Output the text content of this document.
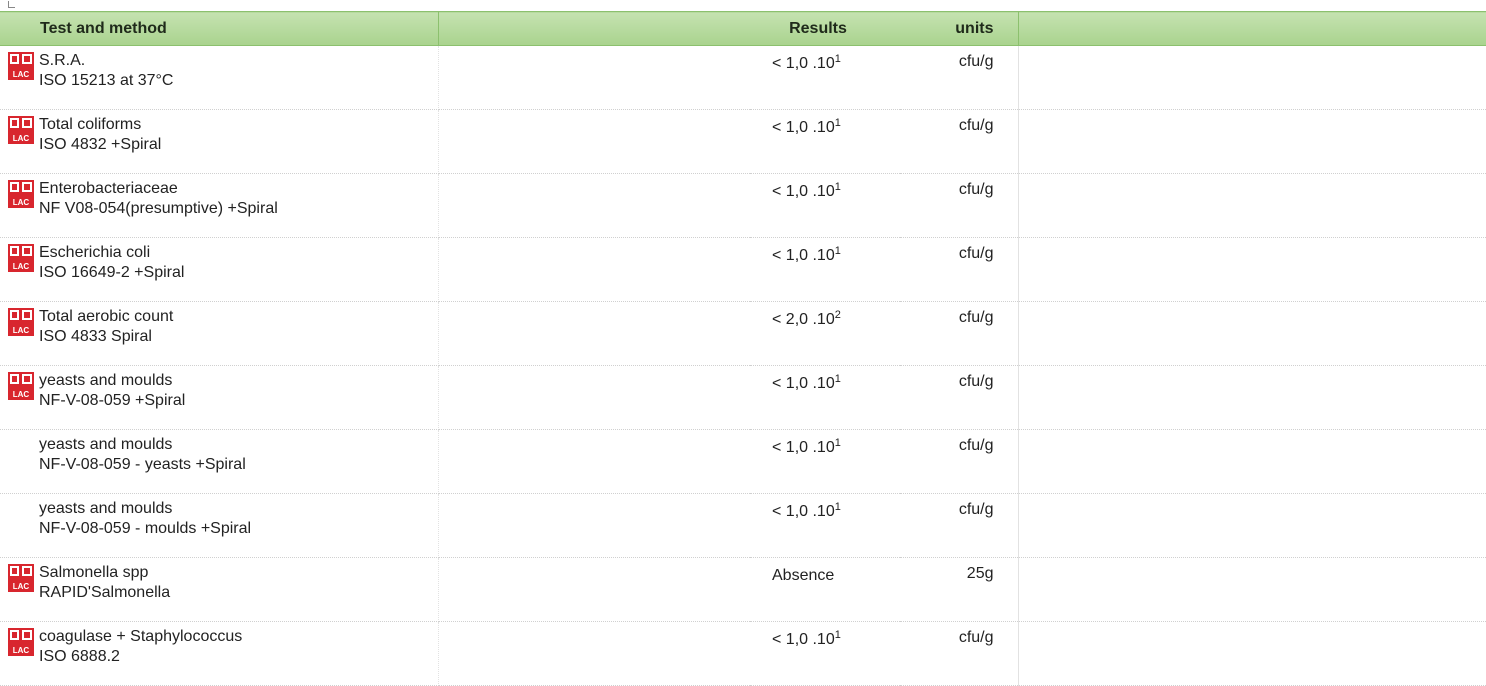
Test and method		Results	units	

LAC
S.R.A.
ISO 15213 at 37°C		< 1,0 $.10^1$	cfu/g	

LAC
Total coliforms
ISO 4832 +Spiral		< 1,0 $.10^1$	cfu/g	

LAC
Enterobacteriaceae
NF V08-054(presumptive) +Spiral		< 1,0 $.10^1$	cfu/g	

LAC
Escherichia coli
ISO 16649-2 +Spiral		< 1,0 $.10^1$	cfu/g	

LAC
Total aerobic count
ISO 4833 Spiral		< 2,0 $.10^2$	cfu/g	

LAC
yeasts and moulds
NF-V-08-059 +Spiral		< 1,0 $.10^1$	cfu/g	

yeasts and moulds
NF-V-08-059 - yeasts +Spiral		< 1,0 $.10^1$	cfu/g	

yeasts and moulds
NF-V-08-059 - moulds +Spiral		< 1,0 $.10^1$	cfu/g	

LAC
Salmonella spp
RAPID'Salmonella		Absence	25g	

LAC
coagulase + Staphylococcus
ISO 6888.2		< 1,0 $.10^1$	cfu/g	
